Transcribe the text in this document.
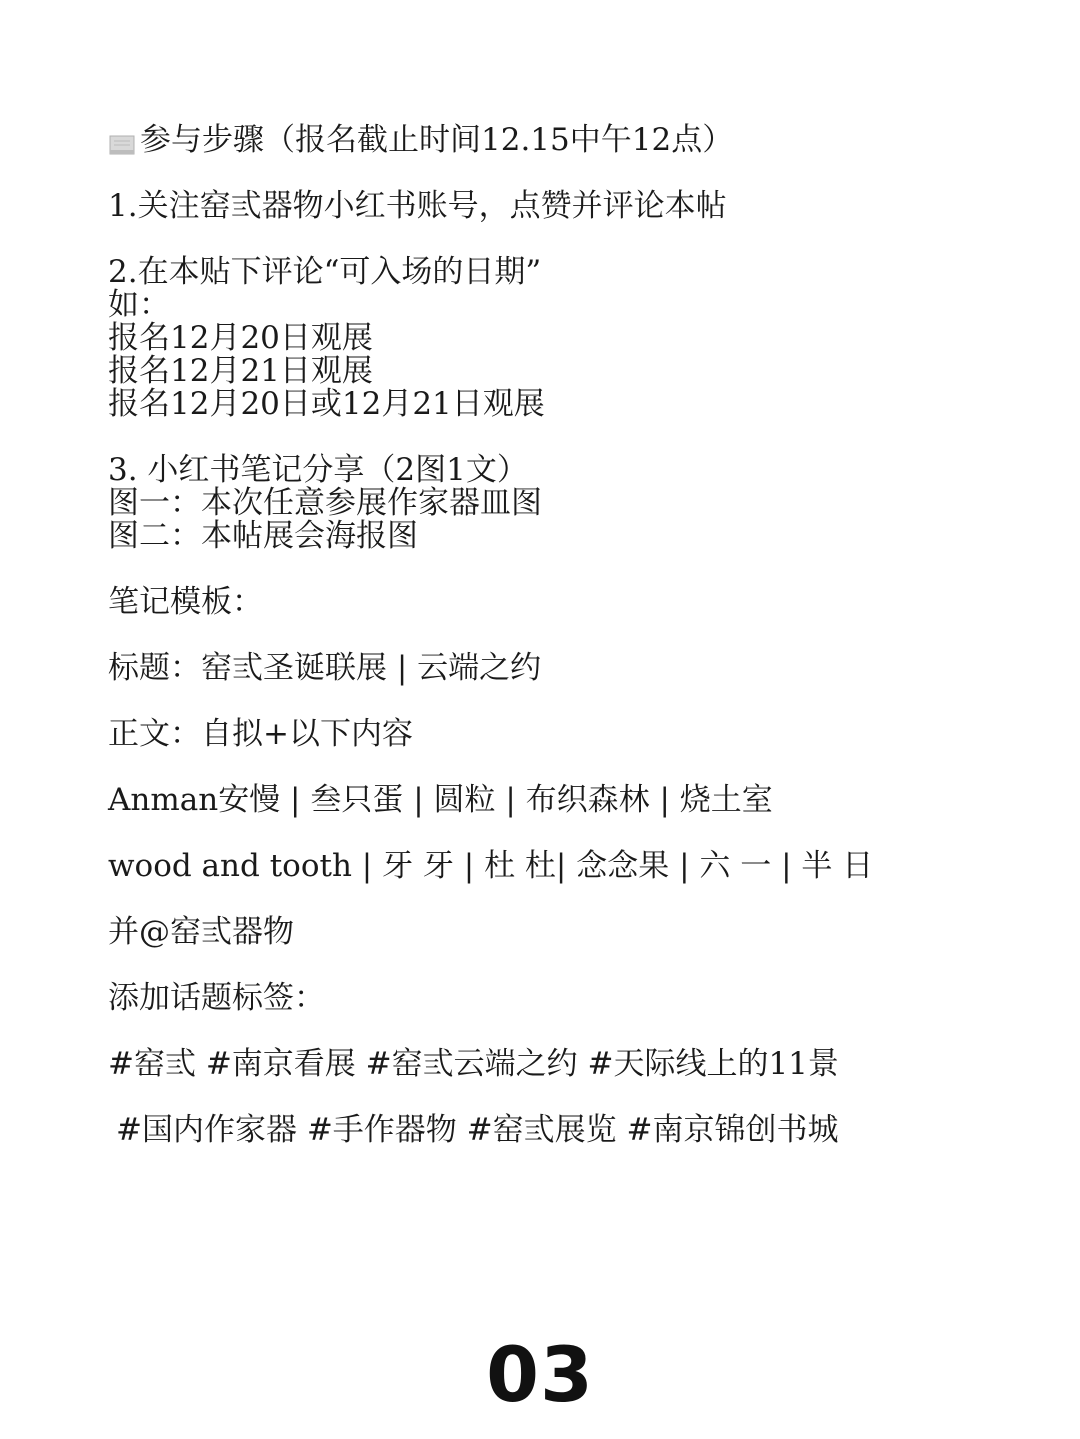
参与步骤（报名截止时间12.15中午12点）
1.关注窑弎器物小红书账号，点赞并评论本帖
2.在本贴下评论“可入场的日期”
如：
报名12月20日观展
报名12月21日观展
报名12月20日或12月21日观展
3. 小红书笔记分享（2图1文）
图一：本次任意参展作家器皿图
图二：本帖展会海报图
笔记模板：
标题：窑弎圣诞联展 | 云端之约
正文：自拟+以下内容
Anman安慢 | 叁只蛋 | 圆粒 | 布织森林 | 烧土室
wood and tooth | 牙 牙 | 杜 杜| 念念果 | 六 一 | 半 日
并@窑弎器物
添加话题标签：
#窑弎 #南京看展 #窑弎云端之约 #天际线上的11景
#国内作家器 #手作器物 #窑弎展览 #南京锦创书城
03
